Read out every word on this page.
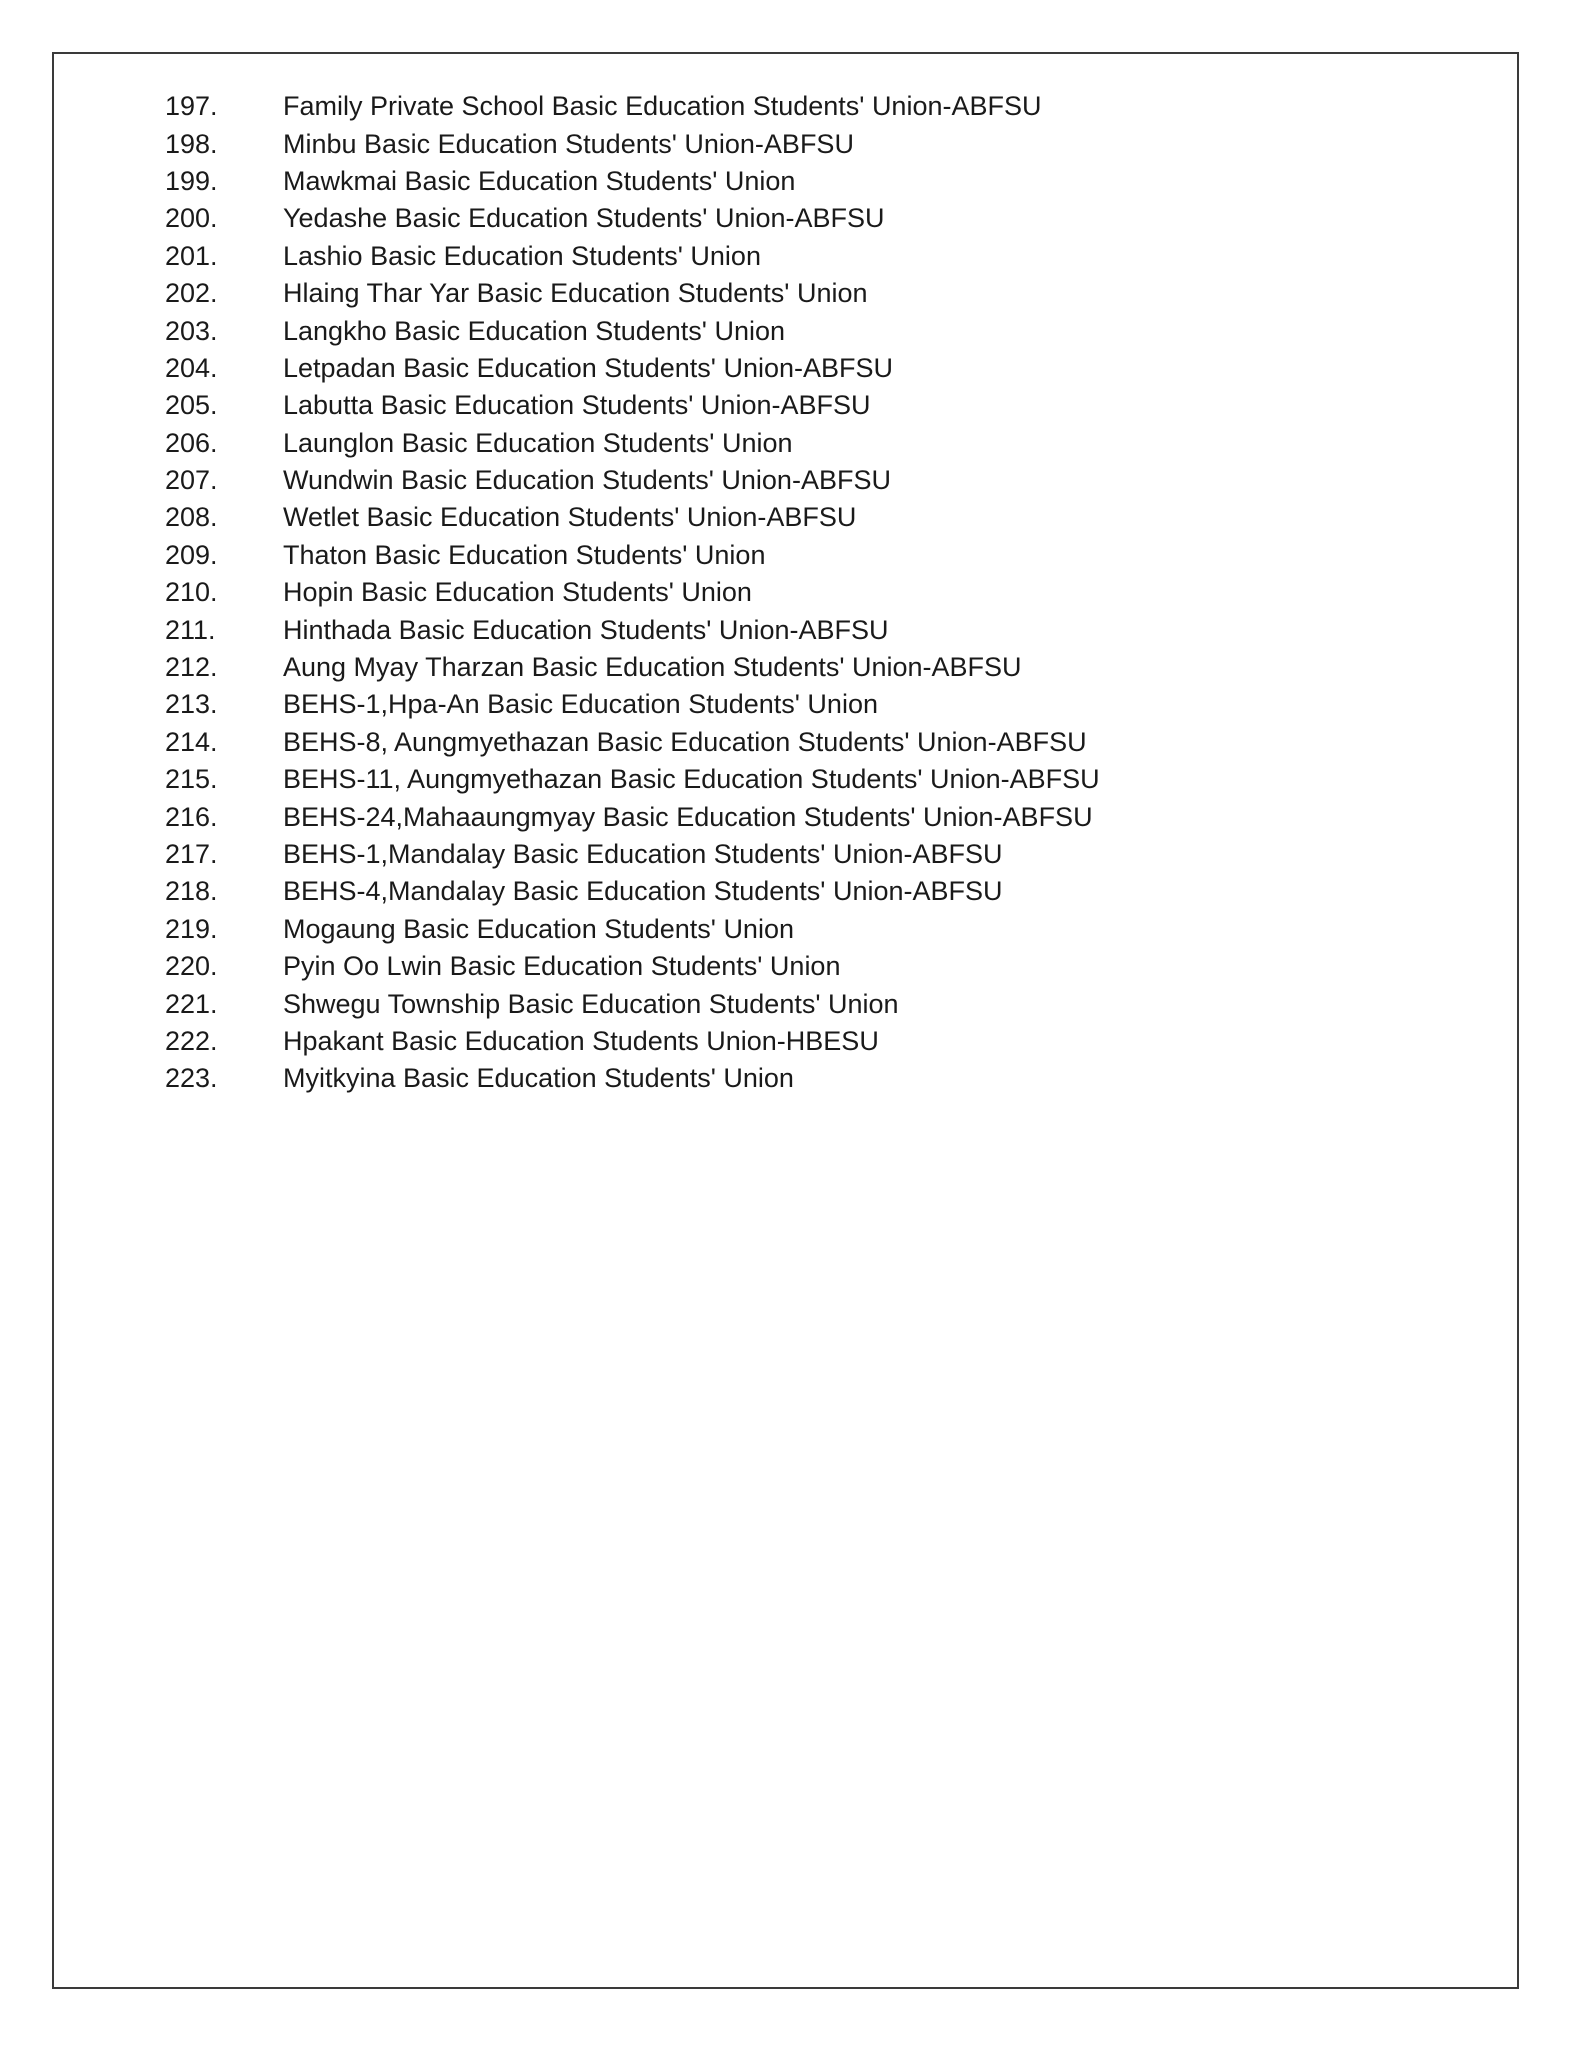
197.	Family Private School Basic Education Students' Union-ABFSU
198.	Minbu Basic Education Students' Union-ABFSU
199.	Mawkmai Basic Education Students' Union
200.	Yedashe Basic Education Students' Union-ABFSU
201.	Lashio Basic Education Students' Union
202.	Hlaing Thar Yar Basic Education Students' Union
203.	Langkho Basic Education Students' Union
204.	Letpadan Basic Education Students' Union-ABFSU
205.	Labutta Basic Education Students' Union-ABFSU
206.	Launglon Basic Education Students' Union
207.	Wundwin Basic Education Students' Union-ABFSU
208.	Wetlet Basic Education Students' Union-ABFSU
209.	Thaton Basic Education Students' Union
210.	Hopin Basic Education Students' Union
211.	Hinthada Basic Education Students' Union-ABFSU
212.	Aung Myay Tharzan Basic Education Students' Union-ABFSU
213.	BEHS-1,Hpa-An Basic Education Students' Union
214.	BEHS-8, Aungmyethazan Basic Education Students' Union-ABFSU
215.	BEHS-11, Aungmyethazan Basic Education Students' Union-ABFSU
216.	BEHS-24,Mahaaungmyay Basic Education Students' Union-ABFSU
217.	BEHS-1,Mandalay Basic Education Students' Union-ABFSU
218.	BEHS-4,Mandalay Basic Education Students' Union-ABFSU
219.	Mogaung Basic Education Students' Union
220.	Pyin Oo Lwin Basic Education Students' Union
221.	Shwegu Township Basic Education Students' Union
222.	Hpakant Basic Education Students Union-HBESU
223.	Myitkyina Basic Education Students' Union
